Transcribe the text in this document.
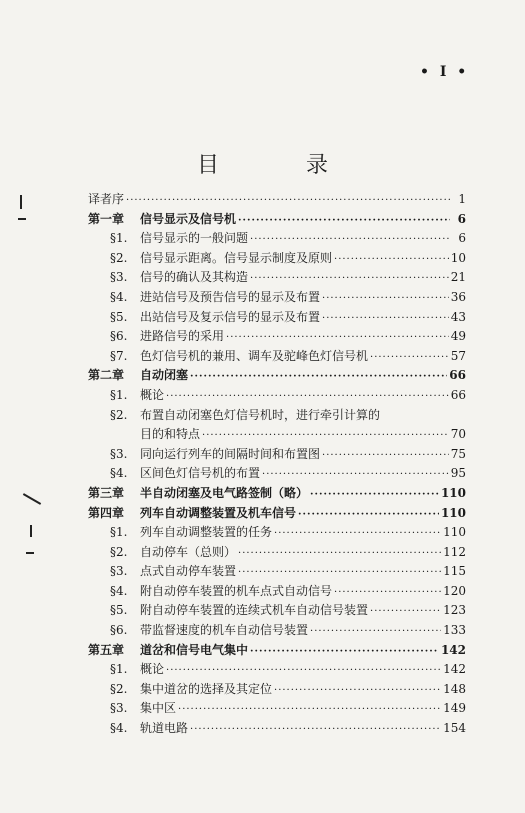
• I •
目 录
译者序 ·····	1
第一章	信号显示及信号机 ·····	6
§1.	信号显示的一般问题 ·····	6
§2.	信号显示距离。信号显示制度及原则 ·····	10
§3.	信号的确认及其构造 ·····	21
§4.	进站信号及预告信号的显示及布置 ·····	36
§5.	出站信号及复示信号的显示及布置 ·····	43
§6.	进路信号的采用 ·····	49
§7.	色灯信号机的兼用、调车及驼峰色灯信号机 ·····	57
第二章	自动闭塞 ·····	66
§1.	概论 ·····	66
§2.	布置自动闭塞色灯信号机时，进行牵引计算的
目的和特点 ·····	70
§3.	同向运行列车的间隔时间和布置图 ·····	75
§4.	区间色灯信号机的布置 ·····	95
第三章	半自动闭塞及电气路签制（略） ·····	110
第四章	列车自动调整装置及机车信号 ·····	110
§1.	列车自动调整装置的任务 ·····	110
§2.	自动停车（总则） ·····	112
§3.	点式自动停车装置 ·····	115
§4.	附自动停车装置的机车点式自动信号 ·····	120
§5.	附自动停车装置的连续式机车自动信号装置 ·····	123
§6.	带监督速度的机车自动信号装置 ·····	133
第五章	道岔和信号电气集中 ·····	142
§1.	概论 ·····	142
§2.	集中道岔的选择及其定位 ·····	148
§3.	集中区 ·····	149
§4.	轨道电路 ·····	154
